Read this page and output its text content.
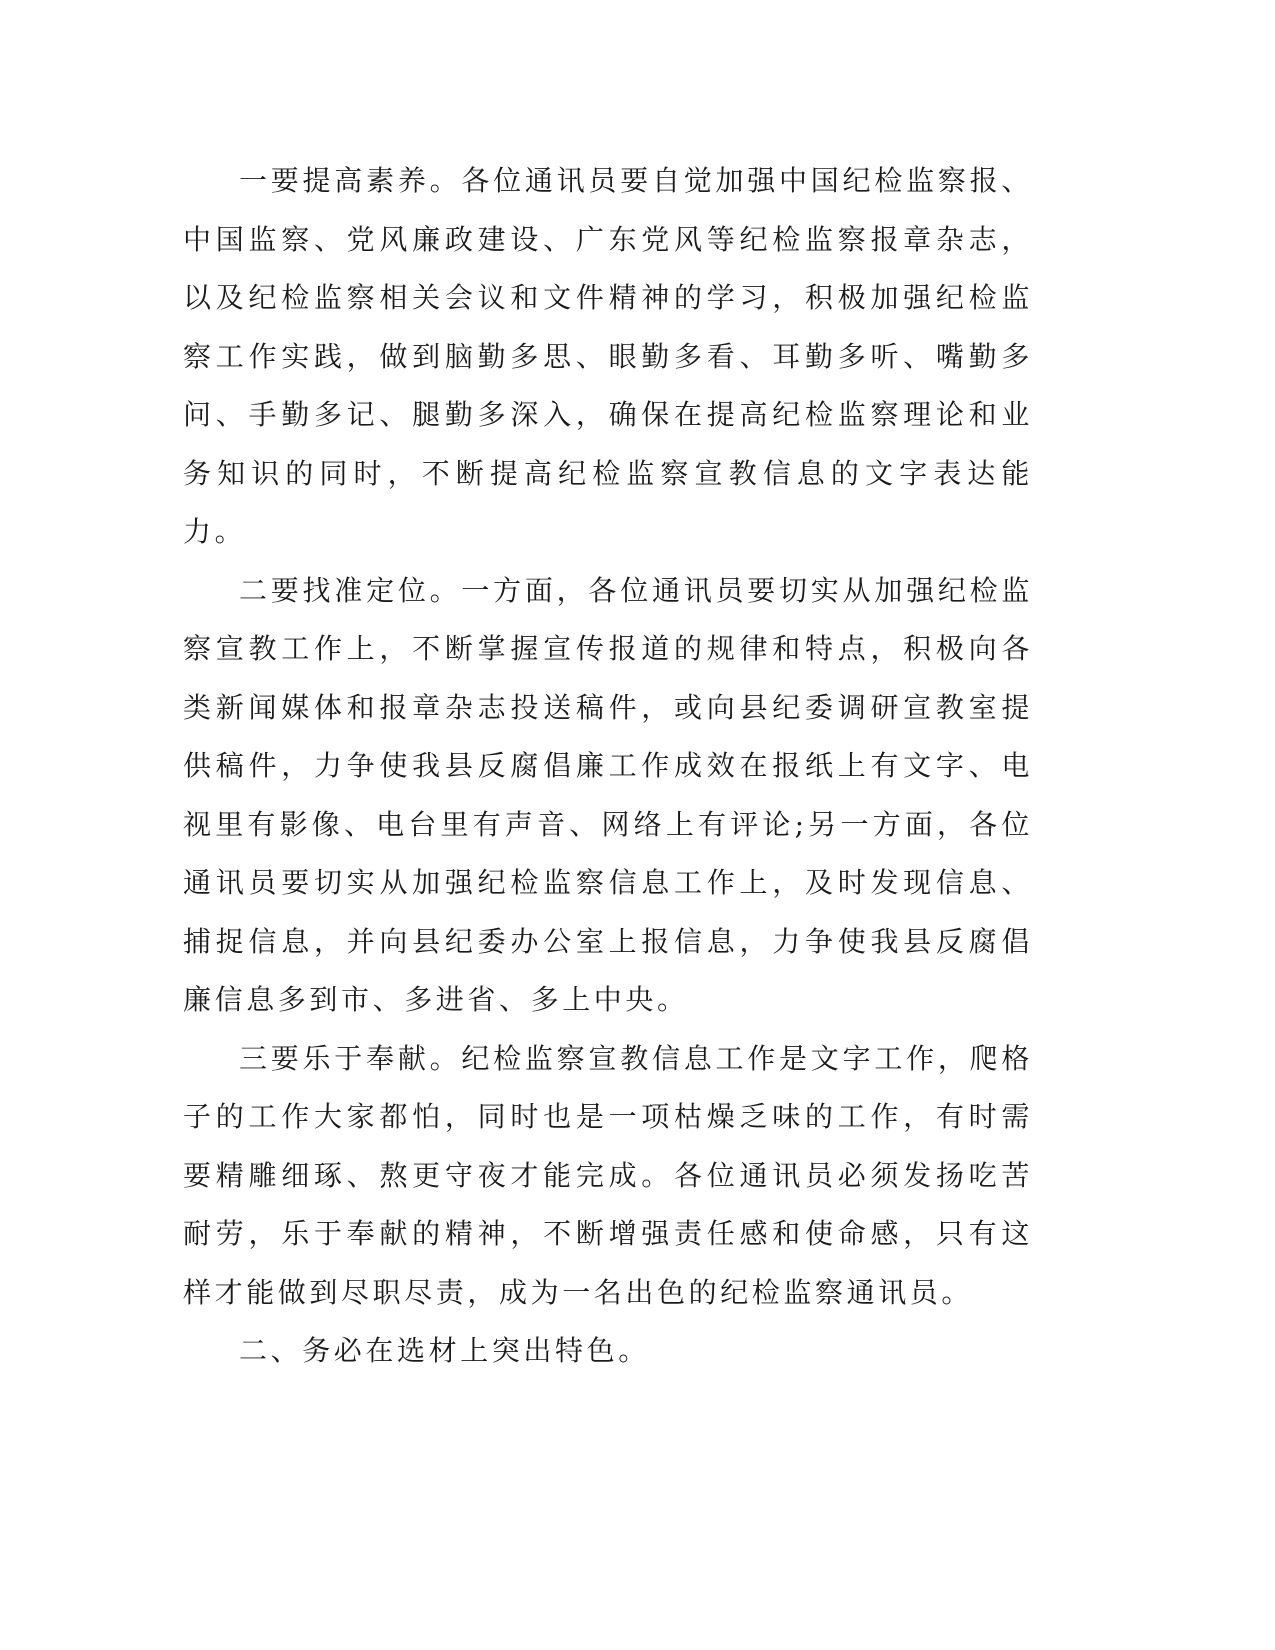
一要提高素养。各位通讯员要自觉加强中国纪检监察报、中国监察、党风廉政建设、广东党风等纪检监察报章杂志，以及纪检监察相关会议和文件精神的学习，积极加强纪检监察工作实践，做到脑勤多思、眼勤多看、耳勤多听、嘴勤多问、手勤多记、腿勤多深入，确保在提高纪检监察理论和业务知识的同时，不断提高纪检监察宣教信息的文字表达能力。

二要找准定位。一方面，各位通讯员要切实从加强纪检监察宣教工作上，不断掌握宣传报道的规律和特点，积极向各类新闻媒体和报章杂志投送稿件，或向县纪委调研宣教室提供稿件，力争使我县反腐倡廉工作成效在报纸上有文字、电视里有影像、电台里有声音、网络上有评论;另一方面，各位通讯员要切实从加强纪检监察信息工作上，及时发现信息、捕捉信息，并向县纪委办公室上报信息，力争使我县反腐倡廉信息多到市、多进省、多上中央。

三要乐于奉献。纪检监察宣教信息工作是文字工作，爬格子的工作大家都怕，同时也是一项枯燥乏味的工作，有时需要精雕细琢、熬更守夜才能完成。各位通讯员必须发扬吃苦耐劳，乐于奉献的精神，不断增强责任感和使命感，只有这样才能做到尽职尽责，成为一名出色的纪检监察通讯员。

二、务必在选材上突出特色。
